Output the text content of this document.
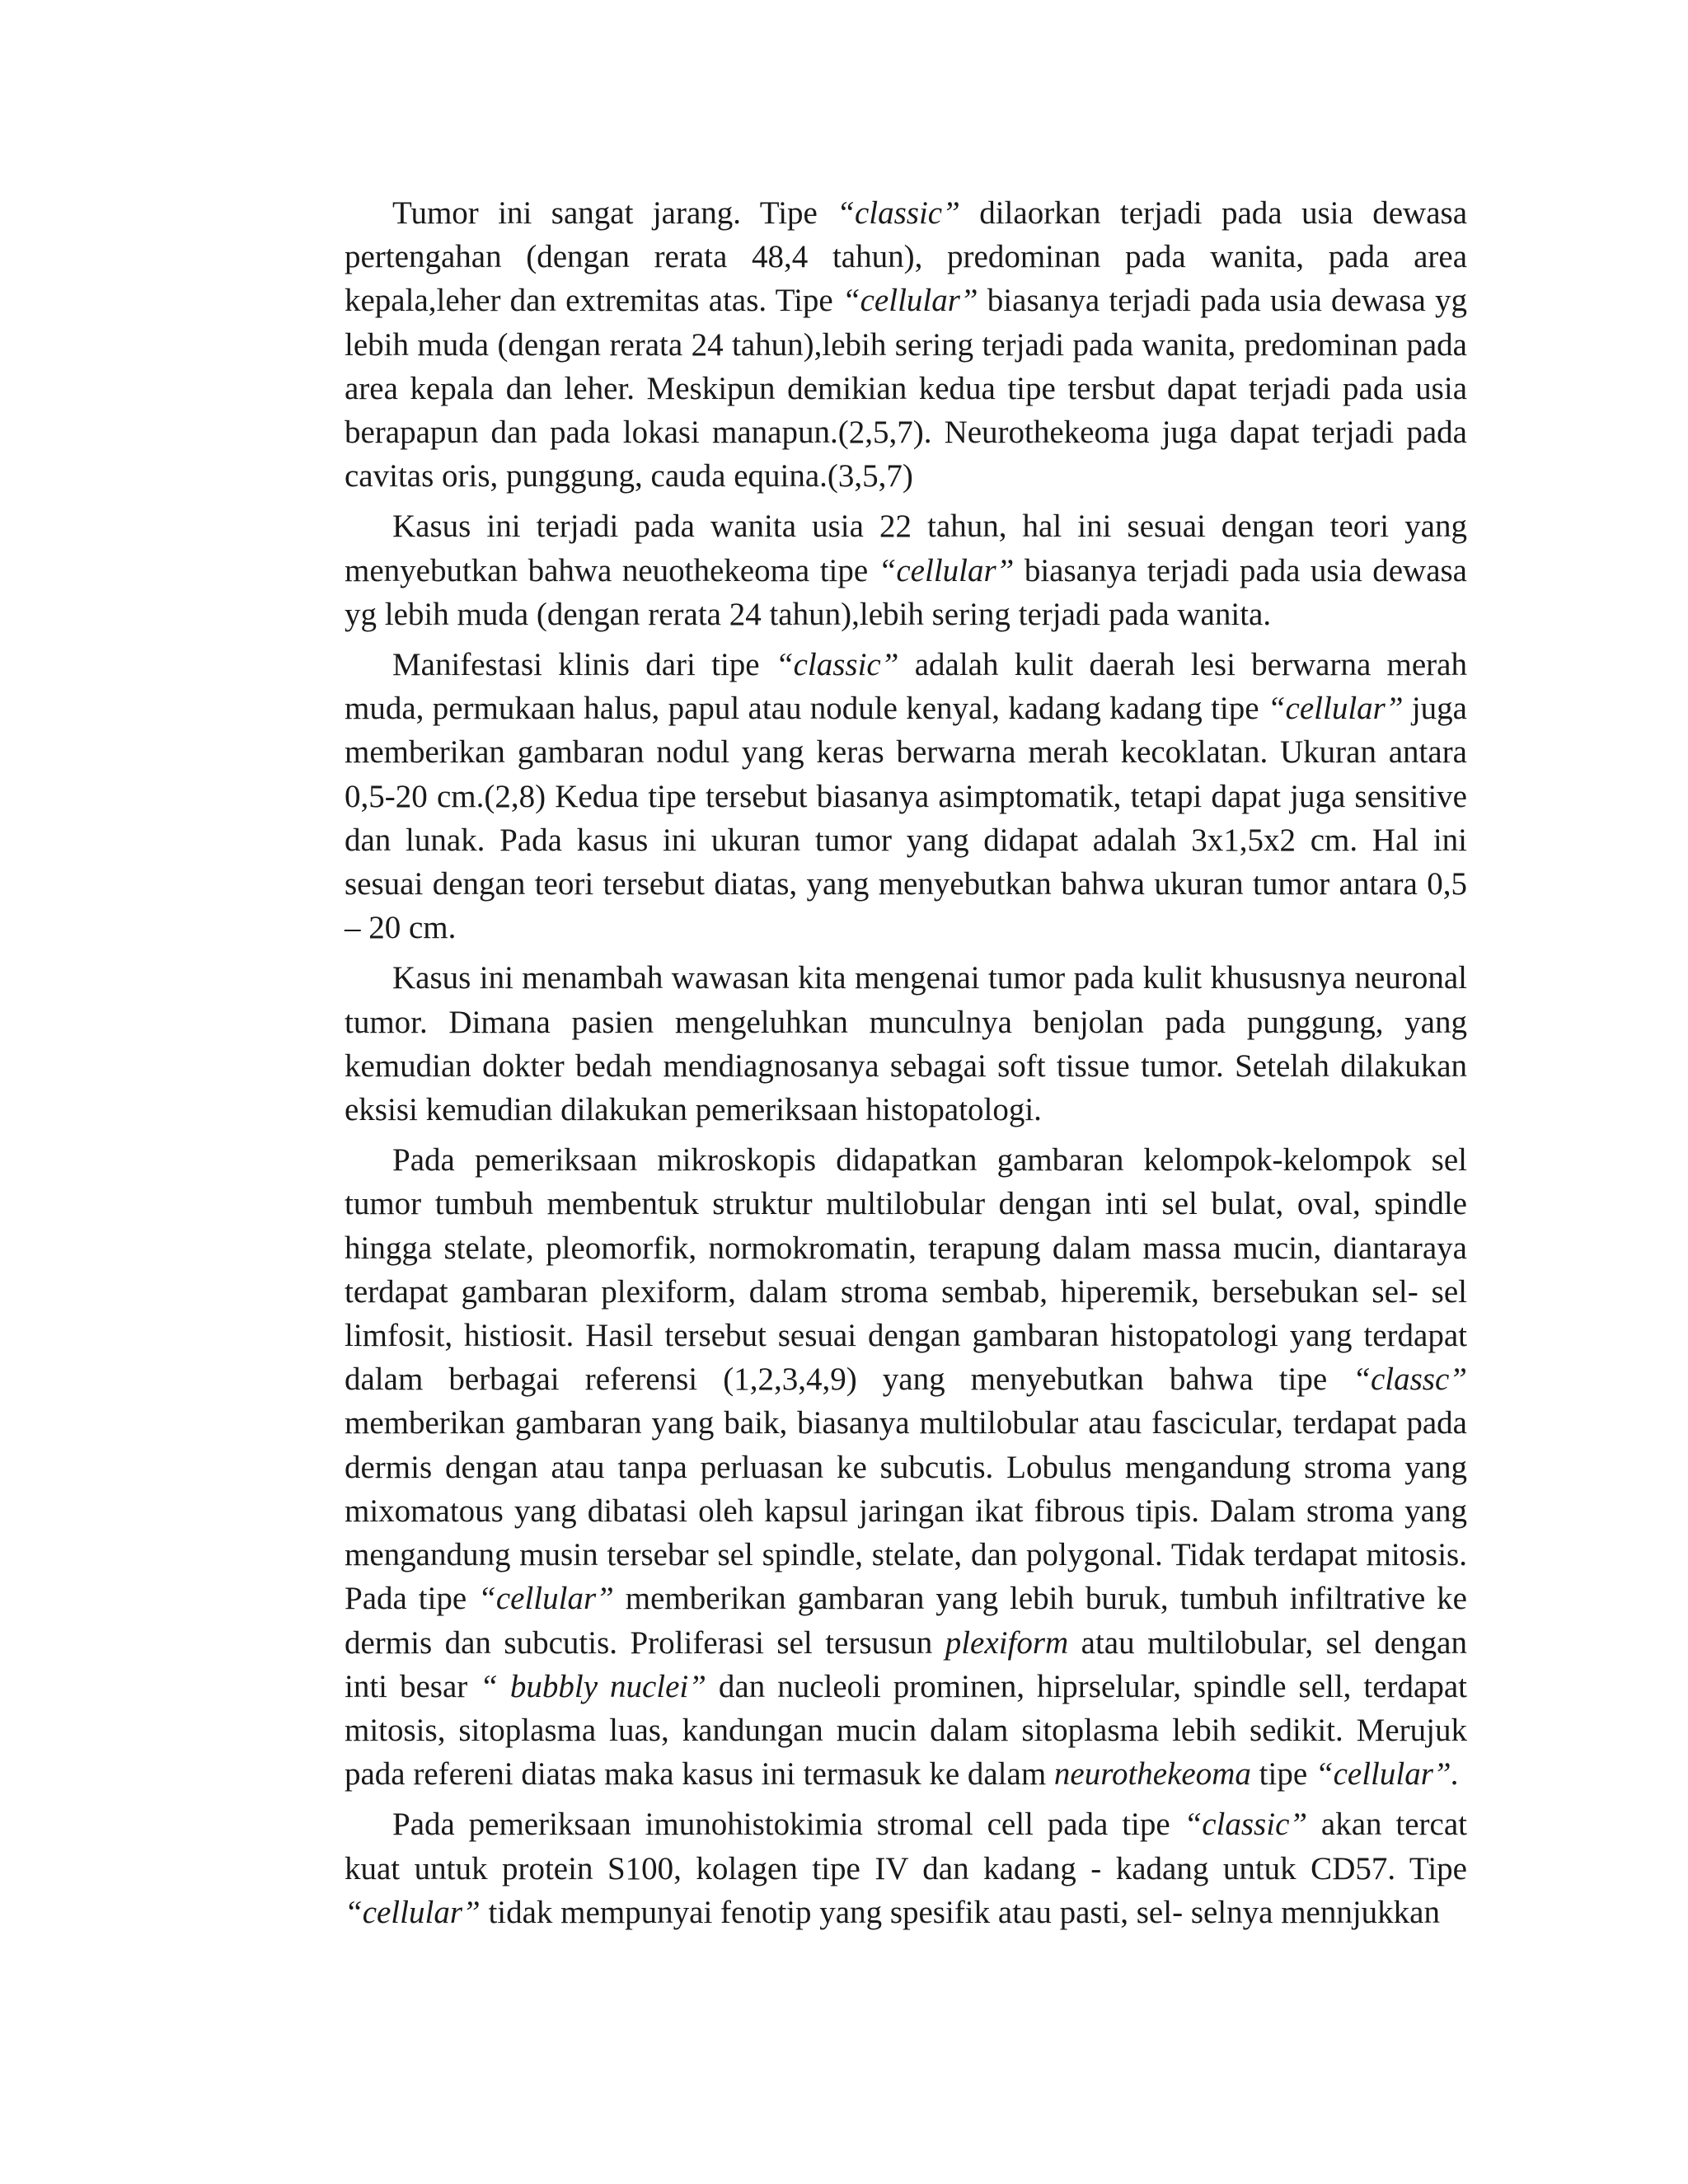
Tumor ini sangat jarang. Tipe “classic” dilaorkan terjadi pada usia dewasa pertengahan (dengan rerata 48,4 tahun), predominan pada wanita, pada area kepala,leher dan extremitas atas. Tipe “cellular” biasanya terjadi pada usia dewasa yg lebih muda (dengan rerata 24 tahun),lebih sering terjadi pada wanita, predominan pada area kepala dan leher. Meskipun demikian kedua tipe tersbut dapat terjadi pada usia berapapun dan pada lokasi manapun.(2,5,7). Neurothekeoma juga dapat terjadi pada cavitas oris, punggung, cauda equina.(3,5,7)

Kasus ini terjadi pada wanita usia 22 tahun, hal ini sesuai dengan teori yang menyebutkan bahwa neuothekeoma tipe “cellular” biasanya terjadi pada usia dewasa yg lebih muda (dengan rerata 24 tahun),lebih sering terjadi pada wanita.

Manifestasi klinis dari tipe “classic” adalah kulit daerah lesi berwarna merah muda, permukaan halus, papul atau nodule kenyal, kadang kadang tipe “cellular” juga memberikan gambaran nodul yang keras berwarna merah kecoklatan. Ukuran antara 0,5-20 cm.(2,8) Kedua tipe tersebut biasanya asimptomatik, tetapi dapat juga sensitive dan lunak. Pada kasus ini ukuran tumor yang didapat adalah 3x1,5x2 cm. Hal ini sesuai dengan teori tersebut diatas, yang menyebutkan bahwa ukuran tumor antara 0,5 – 20 cm.

Kasus ini menambah wawasan kita mengenai tumor pada kulit khususnya neuronal tumor. Dimana pasien mengeluhkan munculnya benjolan pada punggung, yang kemudian dokter bedah mendiagnosanya sebagai soft tissue tumor. Setelah dilakukan eksisi kemudian dilakukan pemeriksaan histopatologi.

Pada pemeriksaan mikroskopis didapatkan gambaran kelompok-kelompok sel tumor tumbuh membentuk struktur multilobular dengan inti sel bulat, oval, spindle hingga stelate, pleomorfik, normokromatin, terapung dalam massa mucin, diantaraya terdapat gambaran plexiform, dalam stroma sembab, hiperemik, bersebukan sel- sel limfosit, histiosit. Hasil tersebut sesuai dengan gambaran histopatologi yang terdapat dalam berbagai referensi (1,2,3,4,9) yang menyebutkan bahwa tipe “classc” memberikan gambaran yang baik, biasanya multilobular atau fascicular, terdapat pada dermis dengan atau tanpa perluasan ke subcutis. Lobulus mengandung stroma yang mixomatous yang dibatasi oleh kapsul jaringan ikat fibrous tipis. Dalam stroma yang mengandung musin tersebar sel spindle, stelate, dan polygonal. Tidak terdapat mitosis. Pada tipe “cellular” memberikan gambaran yang lebih buruk, tumbuh infiltrative ke dermis dan subcutis. Proliferasi sel tersusun plexiform atau multilobular, sel dengan inti besar “ bubbly nuclei” dan nucleoli prominen, hiprselular, spindle sell, terdapat mitosis, sitoplasma luas, kandungan mucin dalam sitoplasma lebih sedikit. Merujuk pada refereni diatas maka kasus ini termasuk ke dalam neurothekeoma tipe “cellular”.

Pada pemeriksaan imunohistokimia stromal cell pada tipe “classic” akan tercat kuat untuk protein S100, kolagen tipe IV dan kadang - kadang untuk CD57. Tipe “cellular” tidak mempunyai fenotip yang spesifik atau pasti, sel- selnya mennjukkan
